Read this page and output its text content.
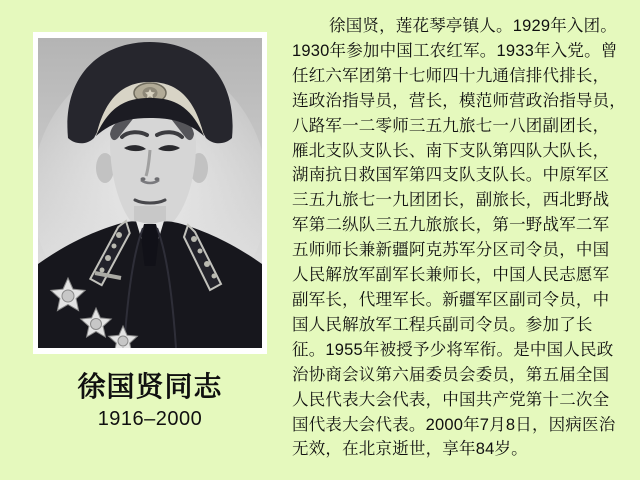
徐国贤同志
1916–2000
徐国贤，莲花琴亭镇人。1929年入团。
1930年参加中国工农红军。1933年入党。曾
任红六军团第十七师四十九通信排代排长，
连政治指导员，营长，模范师营政治指导员，
八路军一二零师三五九旅七一八团副团长，
雁北支队支队长、南下支队第四队大队长，
湖南抗日救国军第四支队支队长。中原军区
三五九旅七一九团团长，副旅长，西北野战
军第二纵队三五九旅旅长，第一野战军二军
五师师长兼新疆阿克苏军分区司令员，中国
人民解放军副军长兼师长，中国人民志愿军
副军长，代理军长。新疆军区副司令员，中
国人民解放军工程兵副司令员。参加了长
征。1955年被授予少将军衔。是中国人民政
治协商会议第六届委员会委员，第五届全国
人民代表大会代表，中国共产党第十二次全
国代表大会代表。2000年7月8日，因病医治
无效，在北京逝世，享年84岁。
